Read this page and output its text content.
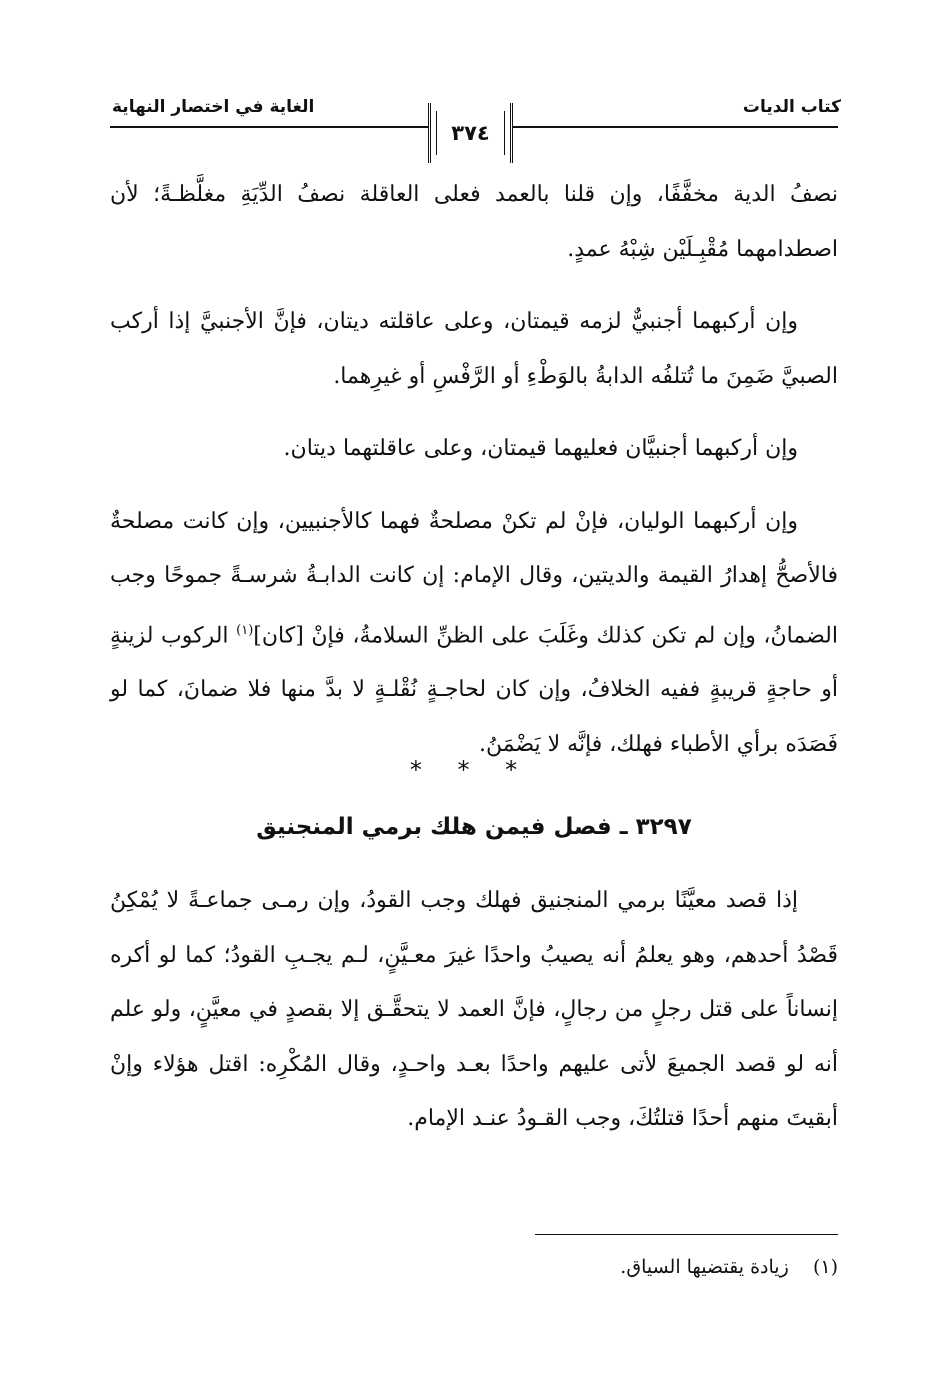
كتاب الديات
الغاية في اختصار النهاية
٣٧٤

نصفُ الدية مخفَّفًا، وإن قلنا بالعمد فعلى العاقلة نصفُ الدِّيَةِ مغلَّظـةً؛ لأن اصطدامهما مُقْبِـلَيْن شِبْهُ عمدٍ.

وإن أركبهما أجنبيٌّ لزمه قيمتان، وعلى عاقلته ديتان، فإنَّ الأجنبيَّ إذا أركب الصبيَّ ضَمِنَ ما تُتلفُه الدابةُ بالوَطْءِ أو الرَّفْسِ أو غيرِهما.

وإن أركبهما أجنبيَّان فعليهما قيمتان، وعلى عاقلتهما ديتان.

وإن أركبهما الوليان، فإنْ لم تكنْ مصلحةٌ فهما كالأجنبيين، وإن كانت مصلحةٌ فالأصحُّ إهدارُ القيمة والديتين، وقال الإمام: إن كانت الدابـةُ شرسـةً جموحًا وجب الضمانُ، وإن لم تكن كذلك وغَلَبَ على الظنِّ السلامةُ، فإنْ [كان]$^{(١)}$ الركوب لزينةٍ أو حاجةٍ قريبةٍ ففيه الخلافُ، وإن كان لحاجـةٍ نُقْلـةٍ لا بدَّ منها فلا ضمانَ، كما لو فَصَدَه برأي الأطباء فهلك، فإنَّه لا يَضْمَنُ.

* * *
٣٢٩٧ ـ فصل فيمن هلك برمي المنجنيق

إذا قصد معيَّنًا برمي المنجنيق فهلك وجب القودُ، وإن رمـى جماعـةً لا يُمْكِنُ قَصْدُ أحدهم، وهو يعلمُ أنه يصيبُ واحدًا غيرَ معـيَّنٍ، لـم يجـبِ القودُ؛ كما لو أكره إنساناً على قتل رجلٍ من رجالٍ، فإنَّ العمد لا يتحقَّـق إلا بقصدٍ في معيَّنٍ، ولو علم أنه لو قصد الجميعَ لأتى عليهم واحدًا بعـد واحـدٍ، وقال المُكْرِه: اقتل هؤلاء وإنْ أبقيتَ منهم أحدًا قتلتُكَ، وجب القـودُ عنـد الإمام.

(١)    زيادة يقتضيها السياق.
